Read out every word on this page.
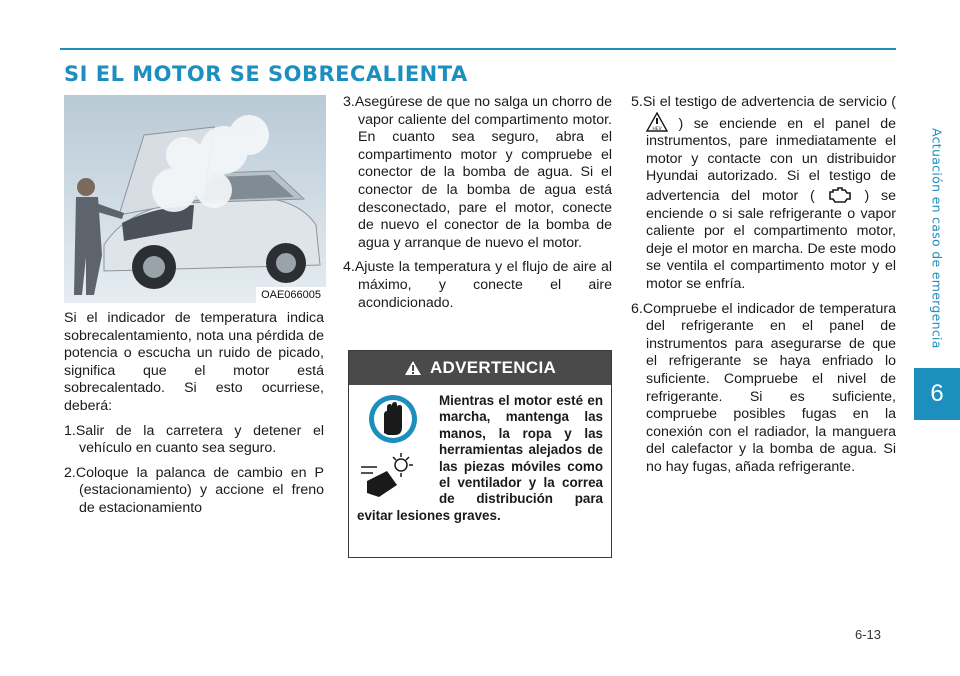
SI EL MOTOR SE SOBRECALIENTA
Actuación en caso de emergencia
6
OAE066005

Si el indicador de temperatura indica sobrecalentamiento, nota una pérdida de potencia o escucha un ruido de picado, significa que el motor está sobrecalentado. Si esto ocurriese, deberá:

1.Salir de la carretera y detener el vehículo en cuanto sea seguro.

2.Coloque la palanca de cambio en P (estacionamiento) y accione el freno de estacionamiento

3.Asegúrese de que no salga un chorro de vapor caliente del compartimento motor. En cuanto sea seguro, abra el compartimento motor y compruebe el conector de la bomba de agua. Si el conector de la bomba de agua está desconectado, pare el motor, conecte de nuevo el conector de la bomba de agua y arranque de nuevo el motor.

4.Ajuste la temperatura y el flujo de aire al máximo, y conecte el aire acondicionado.

ADVERTENCIA
Mientras el motor esté en marcha, mantenga las manos, la ropa y las herramientas alejados de las piezas móviles como el ventilador y la correa de distribución para evitar lesiones graves.

5.Si el testigo de advertencia de servicio (
HEV ) se enciende en el panel de instrumentos, pare inmediatamente el motor y contacte con un distribuidor Hyundai autorizado. Si el testigo de advertencia del motor (	) se enciende o si sale refrigerante o vapor caliente por el compartimento motor, deje el motor en marcha. De este modo se ventila el compartimento motor y el motor se enfría.

6.Compruebe el indicador de temperatura del refrigerante en el panel de instrumentos para asegurarse de que el refrigerante se haya enfriado lo suficiente. Compruebe el nivel de refrigerante. Si es suficiente, compruebe posibles fugas en la conexión con el radiador, la manguera del calefactor y la bomba de agua. Si no hay fugas, añada refrigerante.

6-13
